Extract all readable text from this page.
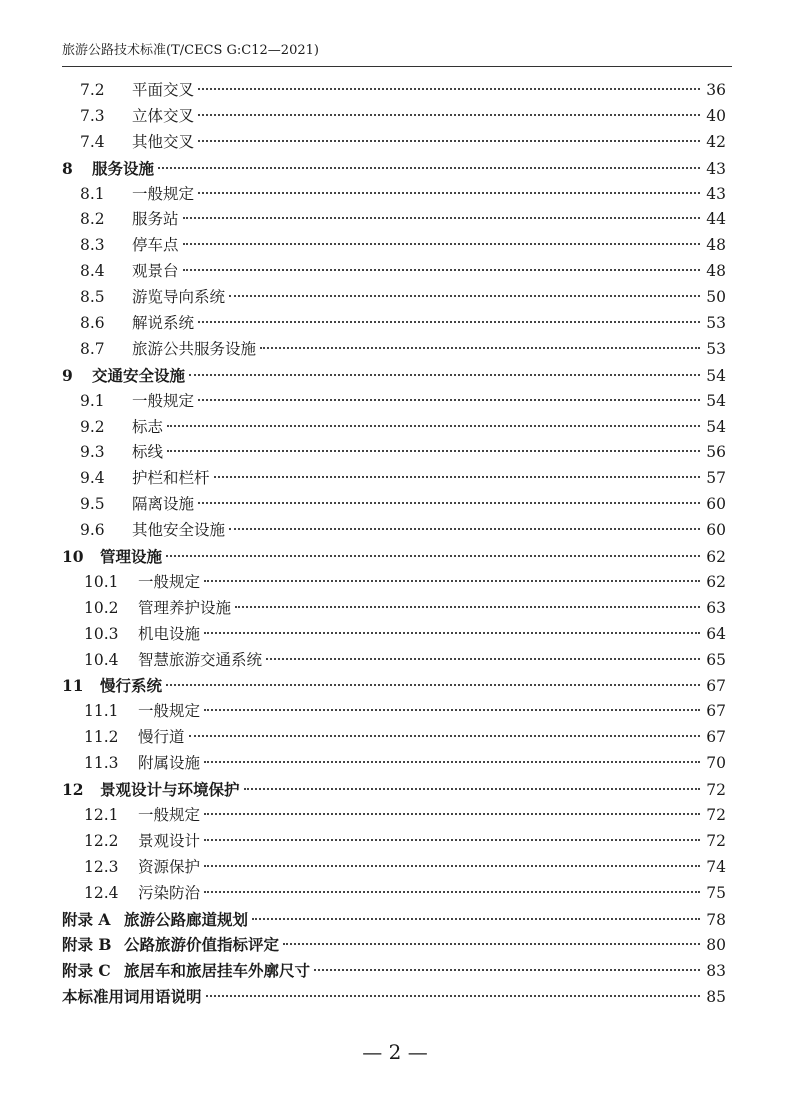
旅游公路技术标准(T/CECS G:C12—2021)
7.2	平面交叉	36
7.3	立体交叉	40
7.4	其他交叉	42
8	服务设施	43
8.1	一般规定	43
8.2	服务站	44
8.3	停车点	48
8.4	观景台	48
8.5	游览导向系统	50
8.6	解说系统	53
8.7	旅游公共服务设施	53
9	交通安全设施	54
9.1	一般规定	54
9.2	标志	54
9.3	标线	56
9.4	护栏和栏杆	57
9.5	隔离设施	60
9.6	其他安全设施	60
10	管理设施	62
10.1	一般规定	62
10.2	管理养护设施	63
10.3	机电设施	64
10.4	智慧旅游交通系统	65
11	慢行系统	67
11.1	一般规定	67
11.2	慢行道	67
11.3	附属设施	70
12	景观设计与环境保护	72
12.1	一般规定	72
12.2	景观设计	72
12.3	资源保护	74
12.4	污染防治	75
附录 A 旅游公路廊道规划	78
附录 B 公路旅游价值指标评定	80
附录 C 旅居车和旅居挂车外廓尺寸	83
本标准用词用语说明	85
— 2 —
